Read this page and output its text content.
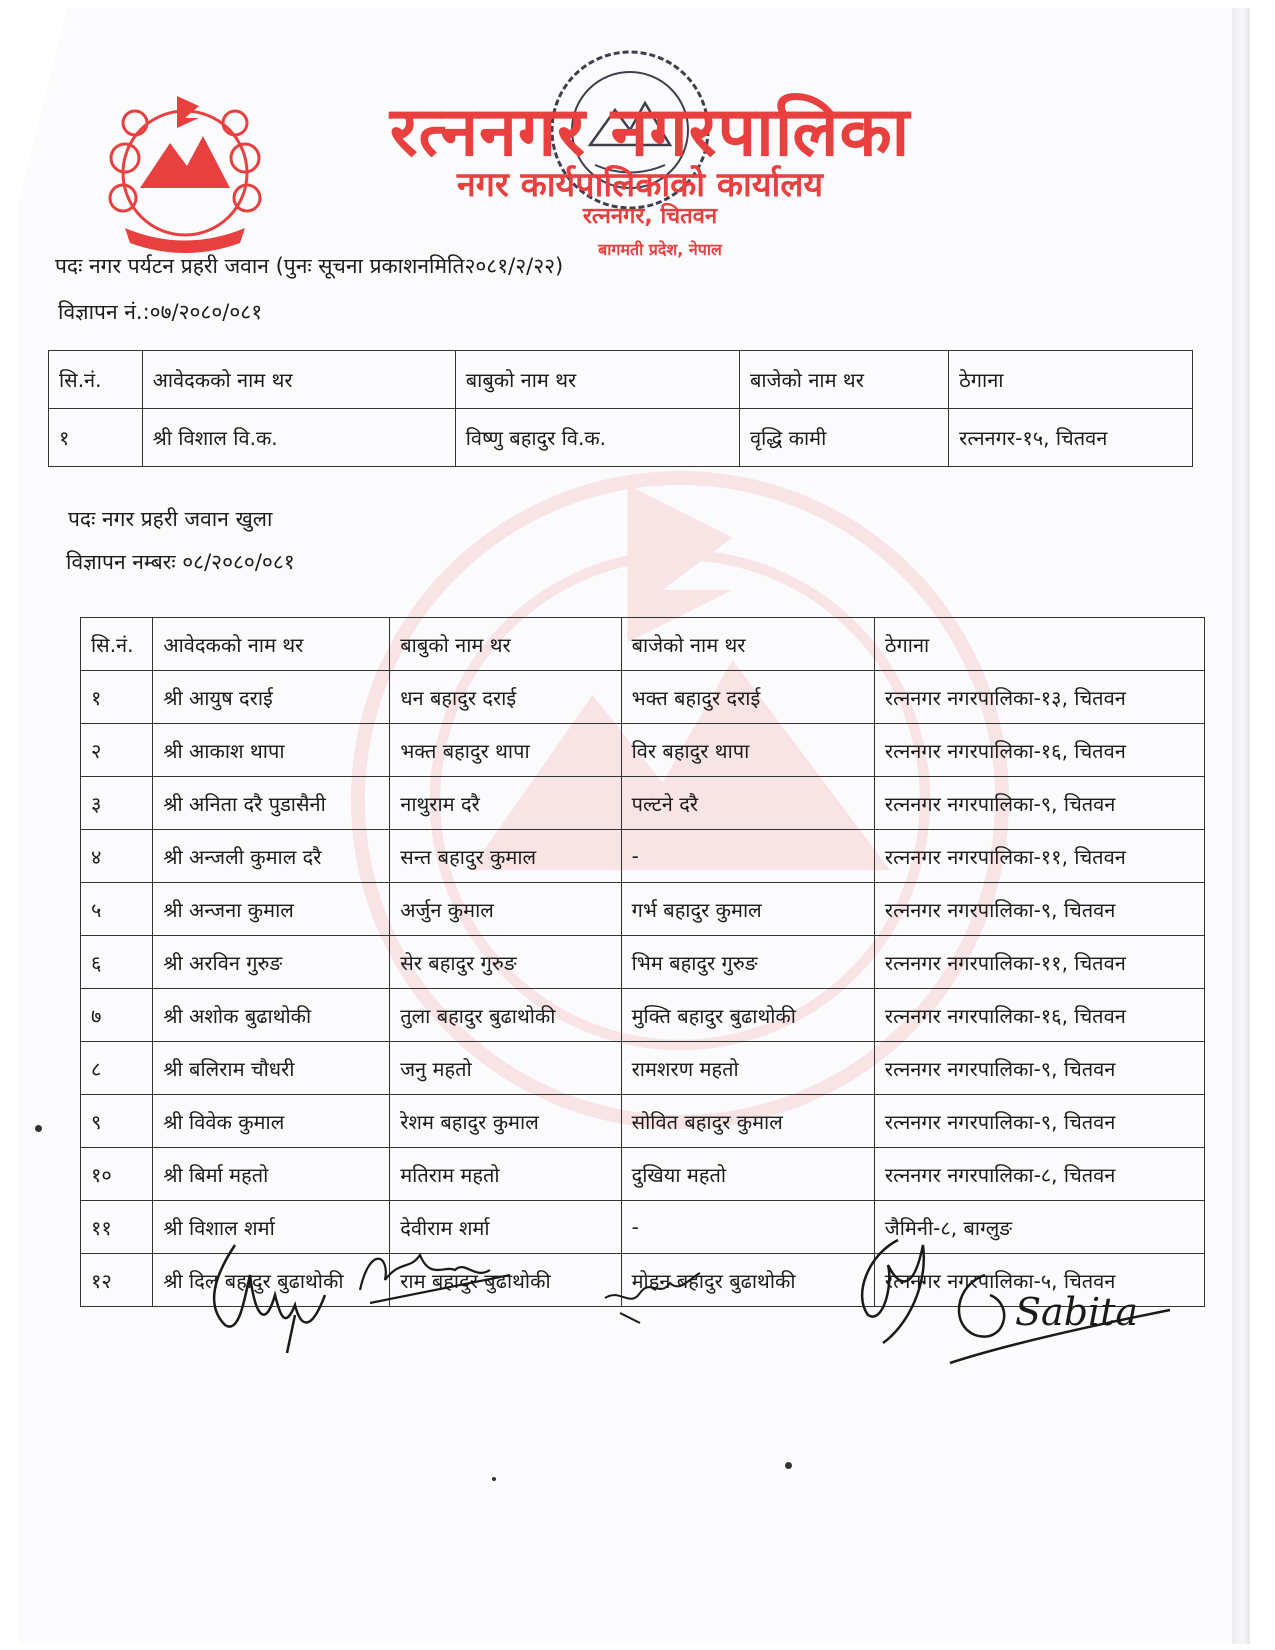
रत्ननगर नगरपालिका
नगर कार्यपालिकाको कार्यालय
रत्ननगर, चितवन
बागमती प्रदेश, नेपाल
पदः नगर पर्यटन प्रहरी जवान (पुनः सूचना प्रकाशनमिति२०८१/२/२२)
विज्ञापन नं.:०७/२०८०/०८१
सि.नं.	आवेदकको नाम थर	बाबुको नाम थर	बाजेको नाम थर	ठेगाना
१	श्री विशाल वि.क.	विष्णु बहादुर वि.क.	वृद्धि कामी	रत्ननगर-१५, चितवन
पदः नगर प्रहरी जवान खुला
विज्ञापन नम्बरः ०८/२०८०/०८१
सि.नं.	आवेदकको नाम थर	बाबुको नाम थर	बाजेको नाम थर	ठेगाना
१	श्री आयुष दराई	धन बहादुर दराई	भक्त बहादुर दराई	रत्ननगर नगरपालिका-१३, चितवन
२	श्री आकाश थापा	भक्त बहादुर थापा	विर बहादुर थापा	रत्ननगर नगरपालिका-१६, चितवन
३	श्री अनिता दरै पुडासैनी	नाथुराम दरै	पल्टने दरै	रत्ननगर नगरपालिका-९, चितवन
४	श्री अन्जली कुमाल दरै	सन्त बहादुर कुमाल	-	रत्ननगर नगरपालिका-११, चितवन
५	श्री अन्जना कुमाल	अर्जुन कुमाल	गर्भ बहादुर कुमाल	रत्ननगर नगरपालिका-९, चितवन
६	श्री अरविन गुरुङ	सेर बहादुर गुरुङ	भिम बहादुर गुरुङ	रत्ननगर नगरपालिका-११, चितवन
७	श्री अशोक बुढाथोकी	तुला बहादुर बुढाथोकी	मुक्ति बहादुर बुढाथोकी	रत्ननगर नगरपालिका-१६, चितवन
८	श्री बलिराम चौधरी	जनु महतो	रामशरण महतो	रत्ननगर नगरपालिका-९, चितवन
९	श्री विवेक कुमाल	रेशम बहादुर कुमाल	सोवित बहादुर कुमाल	रत्ननगर नगरपालिका-९, चितवन
१०	श्री बिर्मा महतो	मतिराम महतो	दुखिया महतो	रत्ननगर नगरपालिका-८, चितवन
११	श्री विशाल शर्मा	देवीराम शर्मा	-	जैमिनी-८, बाग्लुङ
१२	श्री दिल बहादुर बुढाथोकी	राम बहादुर बुढाथोकी	मोहन बहादुर बुढाथोकी	रत्ननगर नगरपालिका-५, चितवन
Sabita
